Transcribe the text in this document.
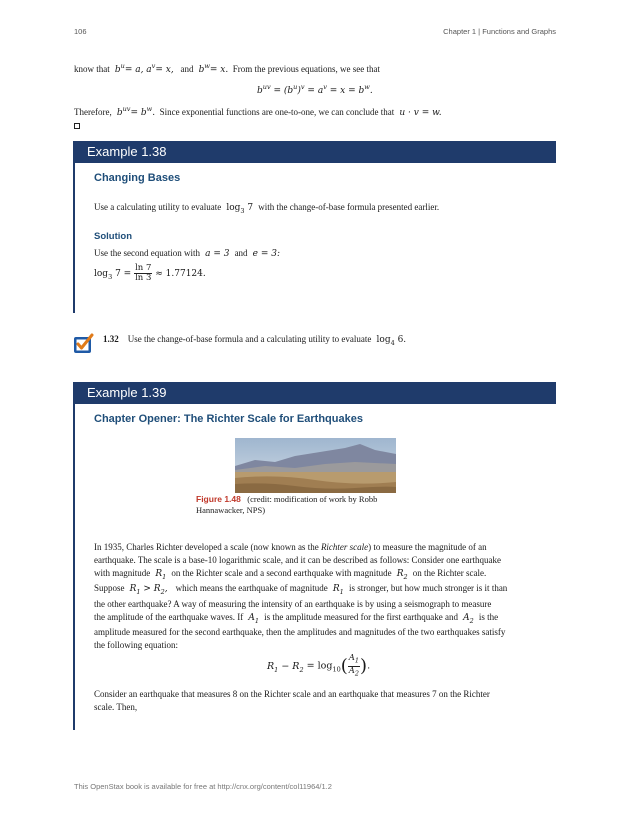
106	Chapter 1 | Functions and Graphs
know that  $b^u= a$, $a^v= x$, and  $b^w= x$. From the previous equations, we see that
$b^{uv} = (b^u)^v = a^v = x = b^w$.
Therefore,  $b^{uv}= b^w$. Since exponential functions are one-to-one, we can conclude that  u · v = w.
Example 1.38
Changing Bases
Use a calculating utility to evaluate  $\log_3 7$  with the change-of-base formula presented earlier.
Solution
Use the second equation with  a = 3  and  e = 3:
$\log_3 7 = \frac{\ln 7}{\ln 3} \approx 1.77124$.
1.32 Use the change-of-base formula and a calculating utility to evaluate  $\log_4 6$.
Example 1.39
Chapter Opener: The Richter Scale for Earthquakes
Figure 1.48 (credit: modification of work by Robb
Hannawacker, NPS)
In 1935, Charles Richter developed a scale (now known as the Richter scale) to measure the magnitude of an
earthquake. The scale is a base-10 logarithmic scale, and it can be described as follows: Consider one earthquake
with magnitude  $R_1$ on the Richter scale and a second earthquake with magnitude  $R_2$ on the Richter scale.
Suppose  $R_1 > R_2$,   which means the earthquake of magnitude  $R_1$ is stronger, but how much stronger is it than
the other earthquake? A way of measuring the intensity of an earthquake is by using a seismograph to measure
the amplitude of the earthquake waves. If  $A_1$ is the amplitude measured for the first earthquake and  $A_2$ is the
amplitude measured for the second earthquake, then the amplitudes and magnitudes of the two earthquakes satisfy
the following equation:
$R_1 - R_2 = \log_{10}( \frac{A_1}{A_2}$ ).
Consider an earthquake that measures 8 on the Richter scale and an earthquake that measures 7 on the Richter
scale. Then,
This OpenStax book is available for free at http://cnx.org/content/col11964/1.2
